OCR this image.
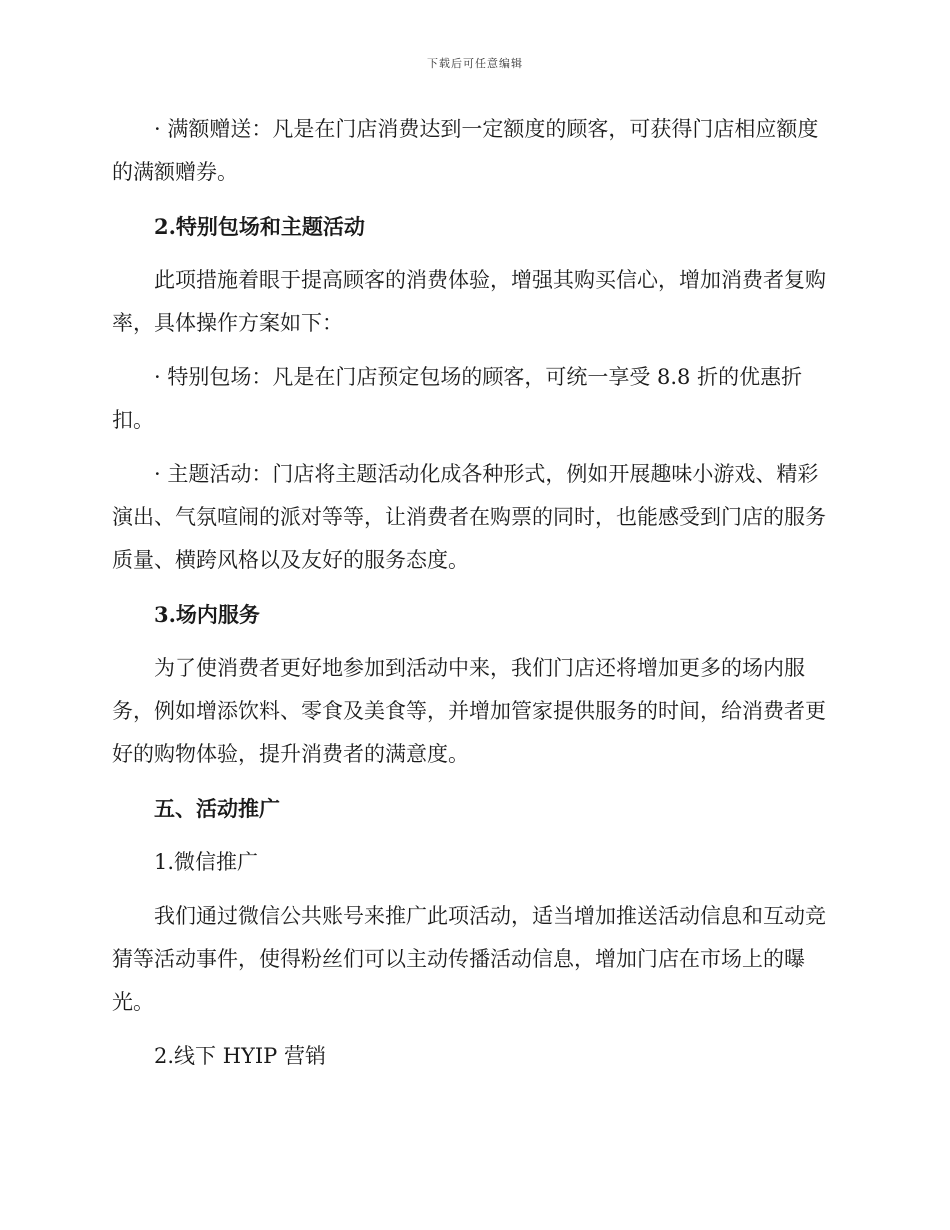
下载后可任意编辑

· 满额赠送：凡是在门店消费达到一定额度的顾客，可获得门店相应额度的满额赠券。

2.特别包场和主题活动

此项措施着眼于提高顾客的消费体验，增强其购买信心，增加消费者复购率，具体操作方案如下：

· 特别包场：凡是在门店预定包场的顾客，可统一享受 8.8 折的优惠折扣。

· 主题活动：门店将主题活动化成各种形式，例如开展趣味小游戏、精彩演出、气氛喧闹的派对等等，让消费者在购票的同时，也能感受到门店的服务质量、横跨风格以及友好的服务态度。

3.场内服务

为了使消费者更好地参加到活动中来，我们门店还将增加更多的场内服务，例如增添饮料、零食及美食等，并增加管家提供服务的时间，给消费者更好的购物体验，提升消费者的满意度。

五、活动推广

1.微信推广

我们通过微信公共账号来推广此项活动，适当增加推送活动信息和互动竞猜等活动事件，使得粉丝们可以主动传播活动信息，增加门店在市场上的曝光。

2.线下 HYIP 营销
